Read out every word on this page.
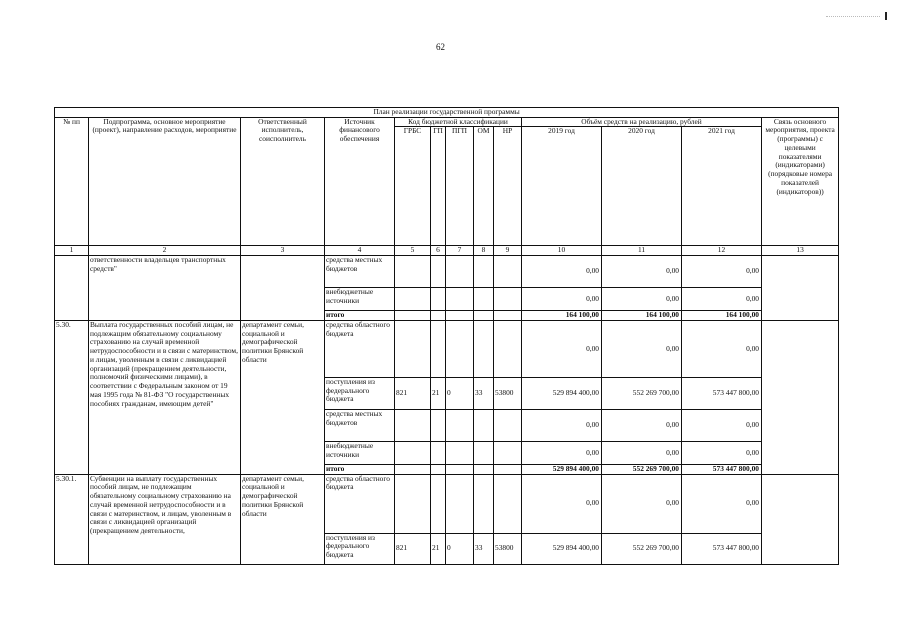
62
План реализации государственной программы												
№ пп	Подпрограмма, основное мероприятие (проект), направление расходов, мероприятие	Ответственный исполнитель, соисполнитель	Источник финансового обеспечения	Код бюджетной классификации					Объём средств на реализацию, рублей			Связь основного мероприятия, проекта (программы) с целевыми показателями (индикаторами) (порядковые номера показателей (индикаторов))
				ГРБС	ГП	ПГП	ОМ	НР	2019 год	2020 год	2021 год	
1	2	3	4	5	6	7	8	9	10	11	12	13
	ответственности владельцев транспортных средств"		средства местных бюджетов						0,00	0,00	0,00	
			внебюджетные источники						0,00	0,00	0,00	
			итого						164 100,00	164 100,00	164 100,00	
5.30.	Выплата государственных пособий лицам, не подлежащим обязательному социальному страхованию на случай временной нетрудоспособности и в связи с материнством, и лицам, уволенным в связи с ликвидацией организаций (прекращением деятельности, полномочий физическими лицами), в соответствии с Федеральным законом от 19 мая 1995 года № 81-ФЗ "О государственных пособиях гражданам, имеющим детей"	департамент семьи, социальной и демографической политики Брянской области	средства областного бюджета						0,00	0,00	0,00	
			поступления из федерального бюджета	821	21	0	33	53800	529 894 400,00	552 269 700,00	573 447 800,00	
			средства местных бюджетов						0,00	0,00	0,00	
			внебюджетные источники						0,00	0,00	0,00	
			итого						529 894 400,00	552 269 700,00	573 447 800,00	
5.30.1.	Субвенции на выплату государственных пособий лицам, не подлежащим обязательному социальному страхованию на случай временной нетрудоспособности и в связи с материнством, и лицам, уволенным в связи с ликвидацией организаций (прекращением деятельности,	департамент семьи, социальной и демографической политики Брянской области	средства областного бюджета						0,00	0,00	0,00	
			поступления из федерального бюджета	821	21	0	33	53800	529 894 400,00	552 269 700,00	573 447 800,00	
